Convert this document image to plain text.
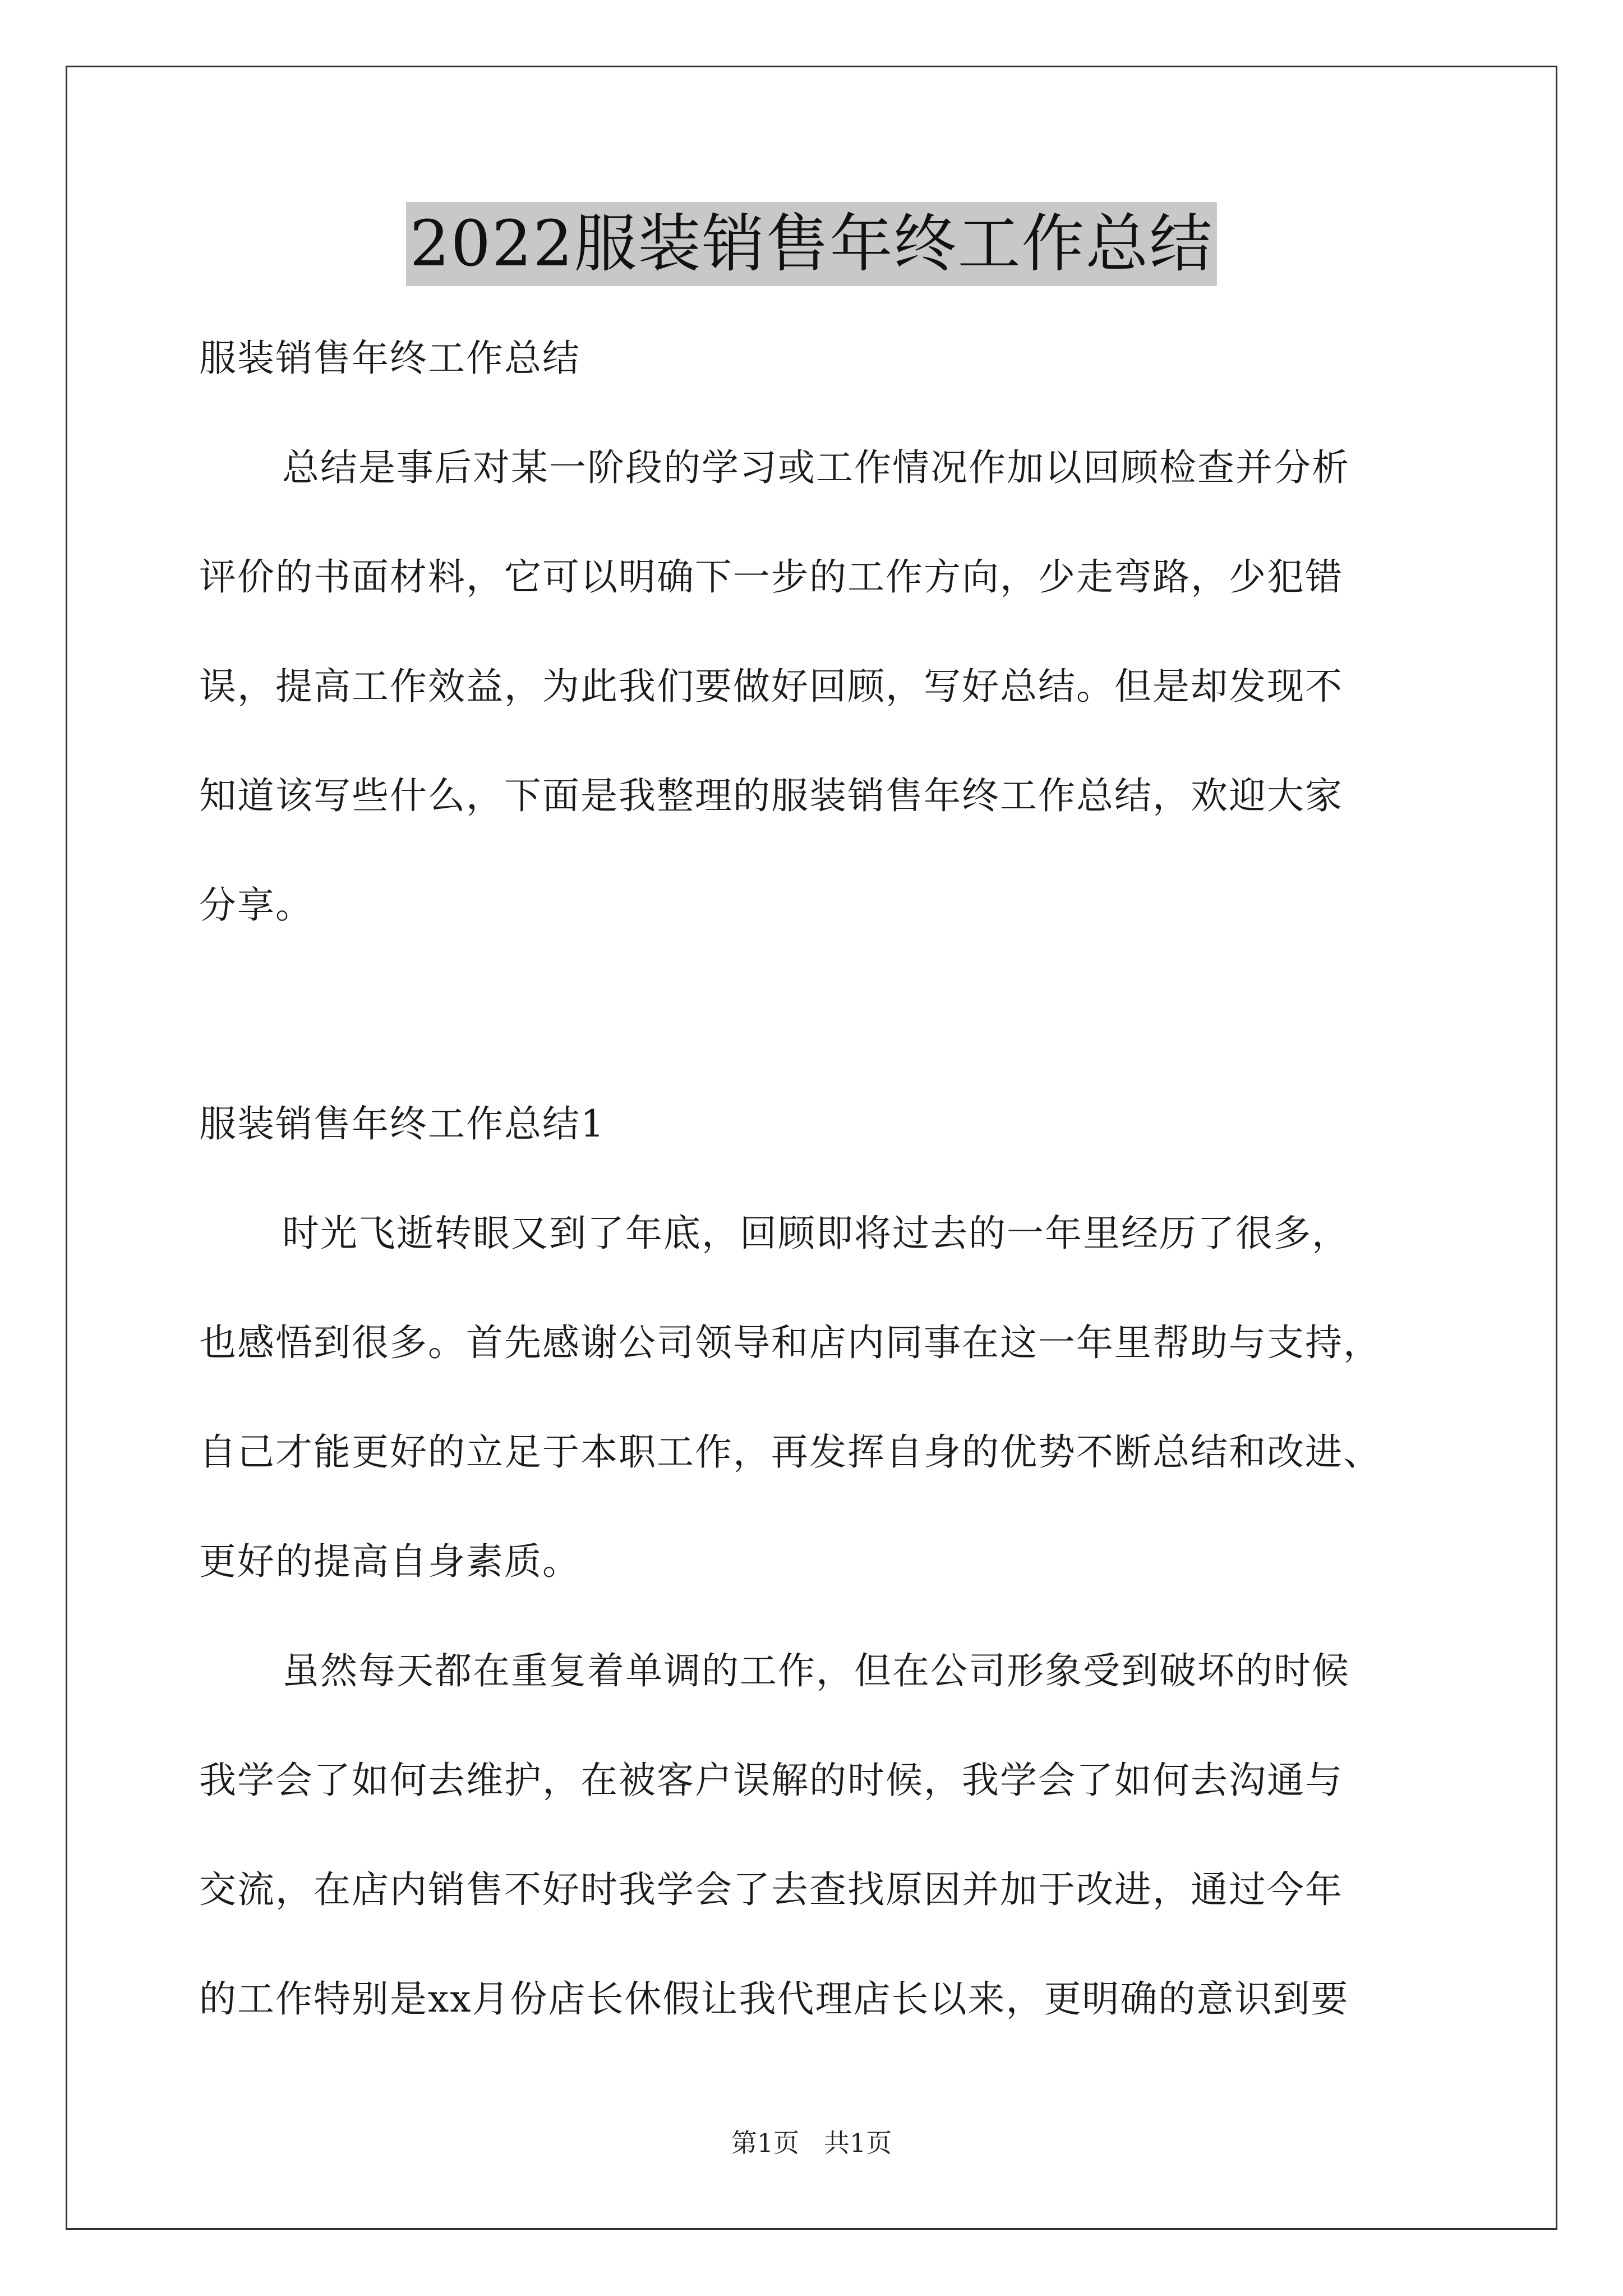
2022服装销售年终工作总结

服装销售年终工作总结

总结是事后对某一阶段的学习或工作情况作加以回顾检查并分析
评价的书面材料，它可以明确下一步的工作方向，少走弯路，少犯错
误，提高工作效益，为此我们要做好回顾，写好总结。但是却发现不
知道该写些什么，下面是我整理的服装销售年终工作总结，欢迎大家
分享。

服装销售年终工作总结1

时光飞逝转眼又到了年底，回顾即将过去的一年里经历了很多，
也感悟到很多。首先感谢公司领导和店内同事在这一年里帮助与支持，
自己才能更好的立足于本职工作，再发挥自身的优势不断总结和改进、
更好的提高自身素质。
虽然每天都在重复着单调的工作，但在公司形象受到破坏的时候
我学会了如何去维护，在被客户误解的时候，我学会了如何去沟通与
交流，在店内销售不好时我学会了去查找原因并加于改进，通过今年
的工作特别是xx月份店长休假让我代理店长以来，更明确的意识到要
第1页 共1页
